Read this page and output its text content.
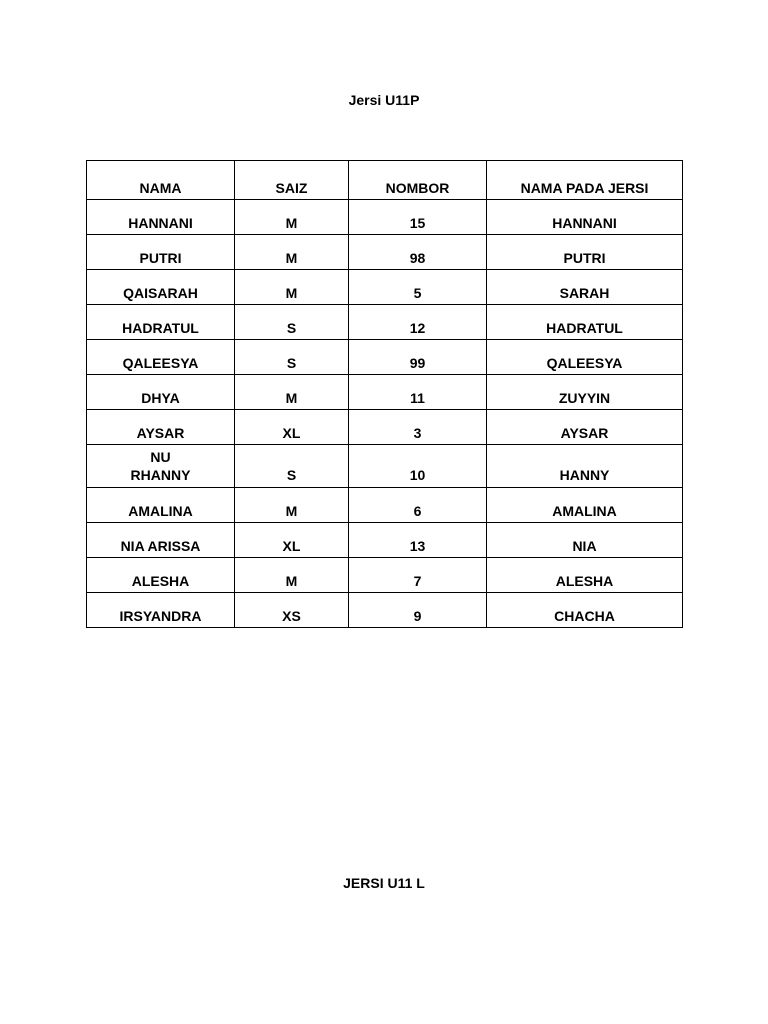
Jersi U11P
NAMA	SAIZ	NOMBOR	NAMA PADA JERSI
HANNANI	M	15	HANNANI
PUTRI	M	98	PUTRI
QAISARAH	M	5	SARAH
HADRATUL	S	12	HADRATUL
QALEESYA	S	99	QALEESYA
DHYA	M	11	ZUYYIN
AYSAR	XL	3	AYSAR
NU RHANNY	S	10	HANNY
AMALINA	M	6	AMALINA
NIA ARISSA	XL	13	NIA
ALESHA	M	7	ALESHA
IRSYANDRA	XS	9	CHACHA
JERSI U11 L
